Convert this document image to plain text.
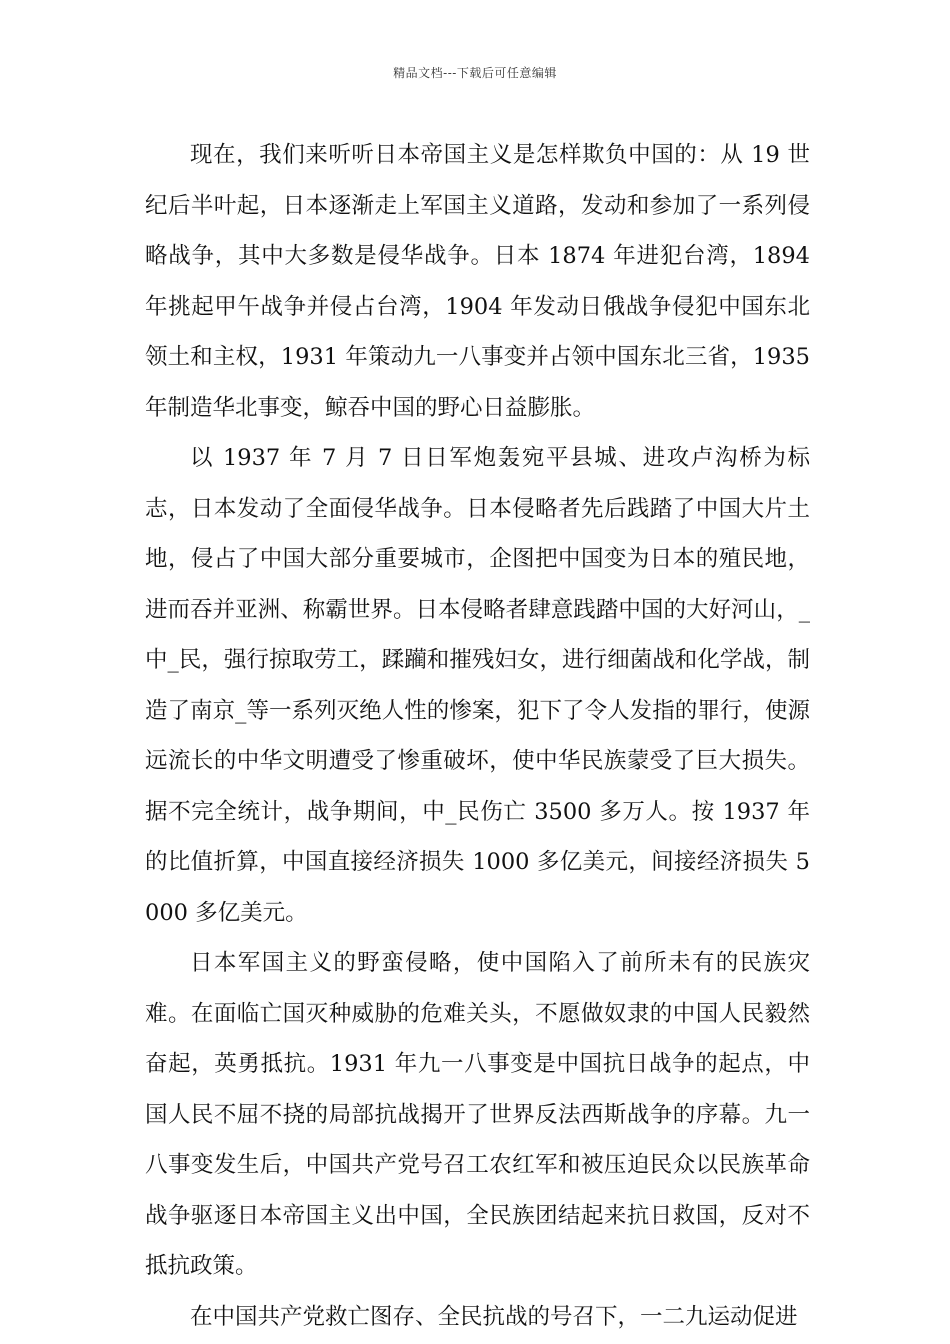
精品文档---下载后可任意编辑

现在，我们来听听日本帝国主义是怎样欺负中国的：从 19 世纪后半叶起，日本逐渐走上军国主义道路，发动和参加了一系列侵略战争，其中大多数是侵华战争。日本 1874 年进犯台湾，1894 年挑起甲午战争并侵占台湾，1904 年发动日俄战争侵犯中国东北领土和主权，1931 年策动九一八事变并占领中国东北三省，1935 年制造华北事变，鲸吞中国的野心日益膨胀。

以 1937 年 7 月 7 日日军炮轰宛平县城、进攻卢沟桥为标志，日本发动了全面侵华战争。日本侵略者先后践踏了中国大片土地，侵占了中国大部分重要城市，企图把中国变为日本的殖民地，进而吞并亚洲、称霸世界。日本侵略者肆意践踏中国的大好河山，_中_民，强行掠取劳工，蹂躏和摧残妇女，进行细菌战和化学战，制造了南京_等一系列灭绝人性的惨案，犯下了令人发指的罪行，使源远流长的中华文明遭受了惨重破坏，使中华民族蒙受了巨大损失。据不完全统计，战争期间，中_民伤亡 3500 多万人。按 1937 年的比值折算，中国直接经济损失 1000 多亿美元，间接经济损失 5000 多亿美元。

日本军国主义的野蛮侵略，使中国陷入了前所未有的民族灾难。在面临亡国灭种威胁的危难关头，不愿做奴隶的中国人民毅然奋起，英勇抵抗。1931 年九一八事变是中国抗日战争的起点，中国人民不屈不挠的局部抗战揭开了世界反法西斯战争的序幕。九一八事变发生后，中国共产党号召工农红军和被压迫民众以民族革命战争驱逐日本帝国主义出中国，全民族团结起来抗日救国，反对不抵抗政策。

在中国共产党救亡图存、全民抗战的号召下，一二九运动促进
